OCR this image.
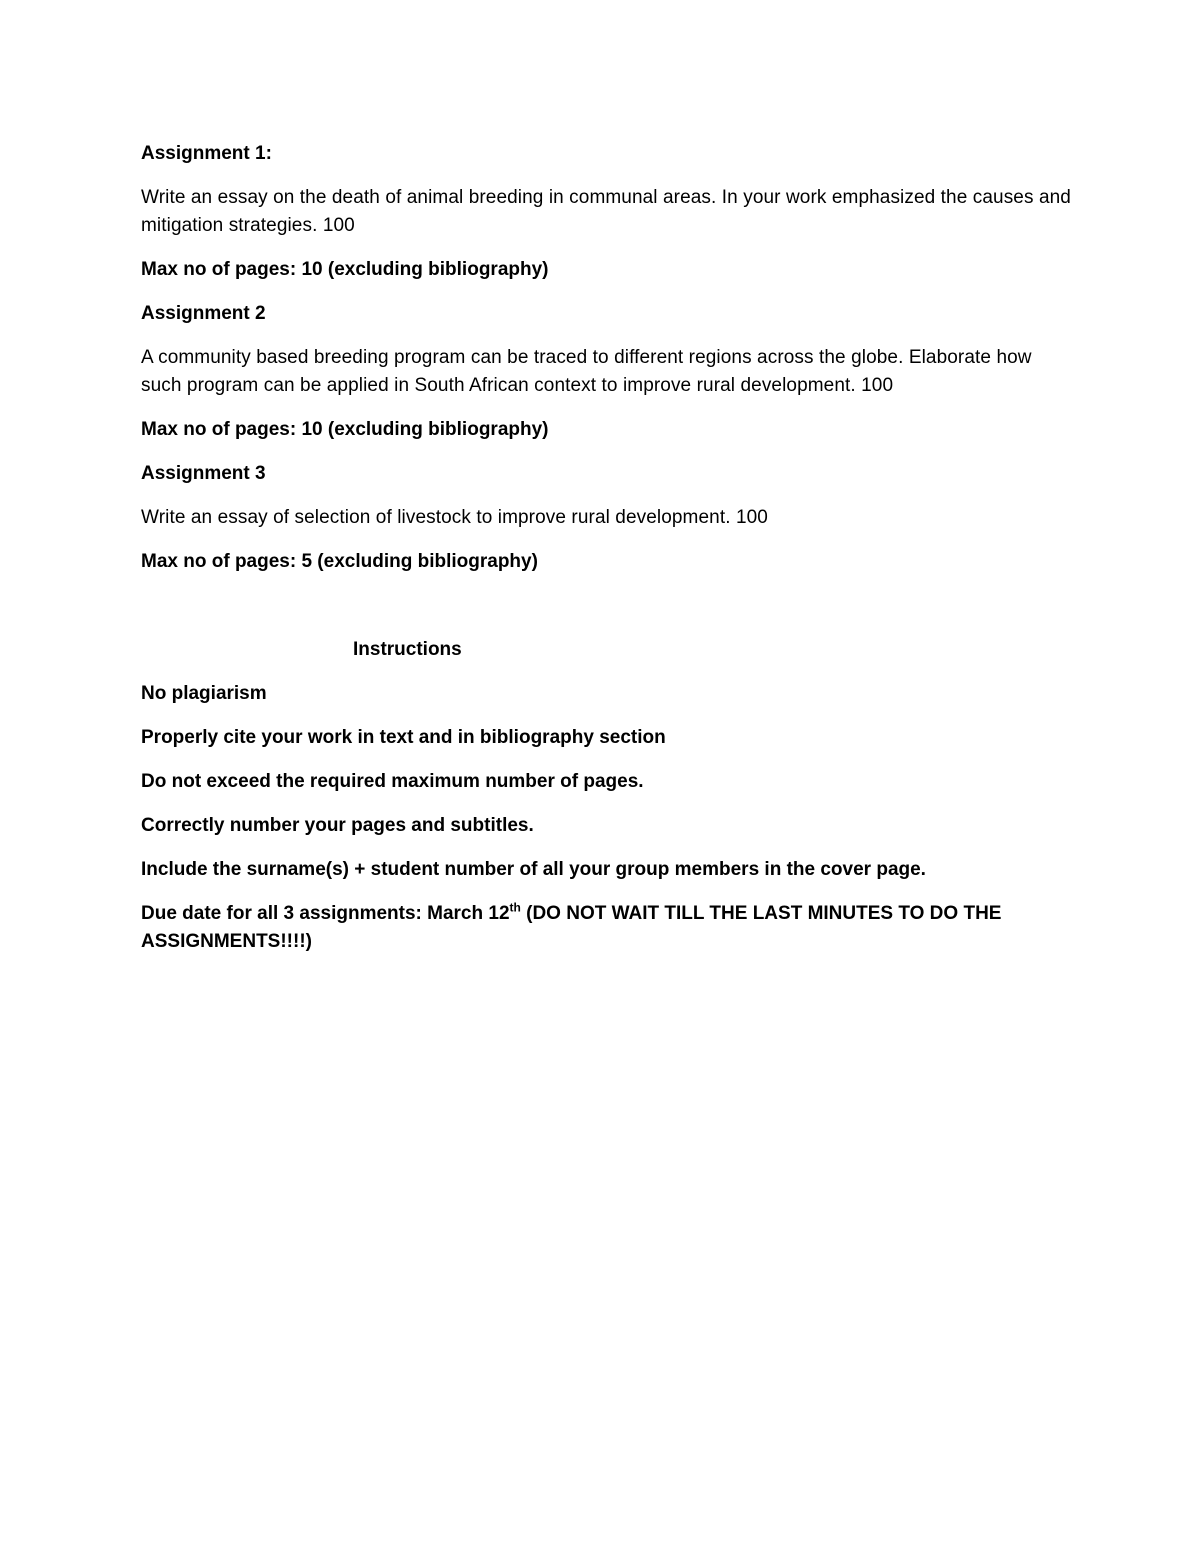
Assignment 1:

Write an essay on the death of animal breeding in communal areas. In your work emphasized the causes and mitigation strategies. 100

Max no of pages: 10 (excluding bibliography)

Assignment 2

A community based breeding program can be traced to different regions across the globe. Elaborate how such program can be applied in South African context to improve rural development. 100

Max no of pages: 10 (excluding bibliography)

Assignment 3

Write an essay of selection of livestock to improve rural development. 100

Max no of pages: 5 (excluding bibliography)

Instructions

No plagiarism

Properly cite your work in text and in bibliography section

Do not exceed the required maximum number of pages.

Correctly number your pages and subtitles.

Include the surname(s) + student number of all your group members in the cover page.

Due date for all 3 assignments: March 12th (DO NOT WAIT TILL THE LAST MINUTES TO DO THE ASSIGNMENTS!!!!)
